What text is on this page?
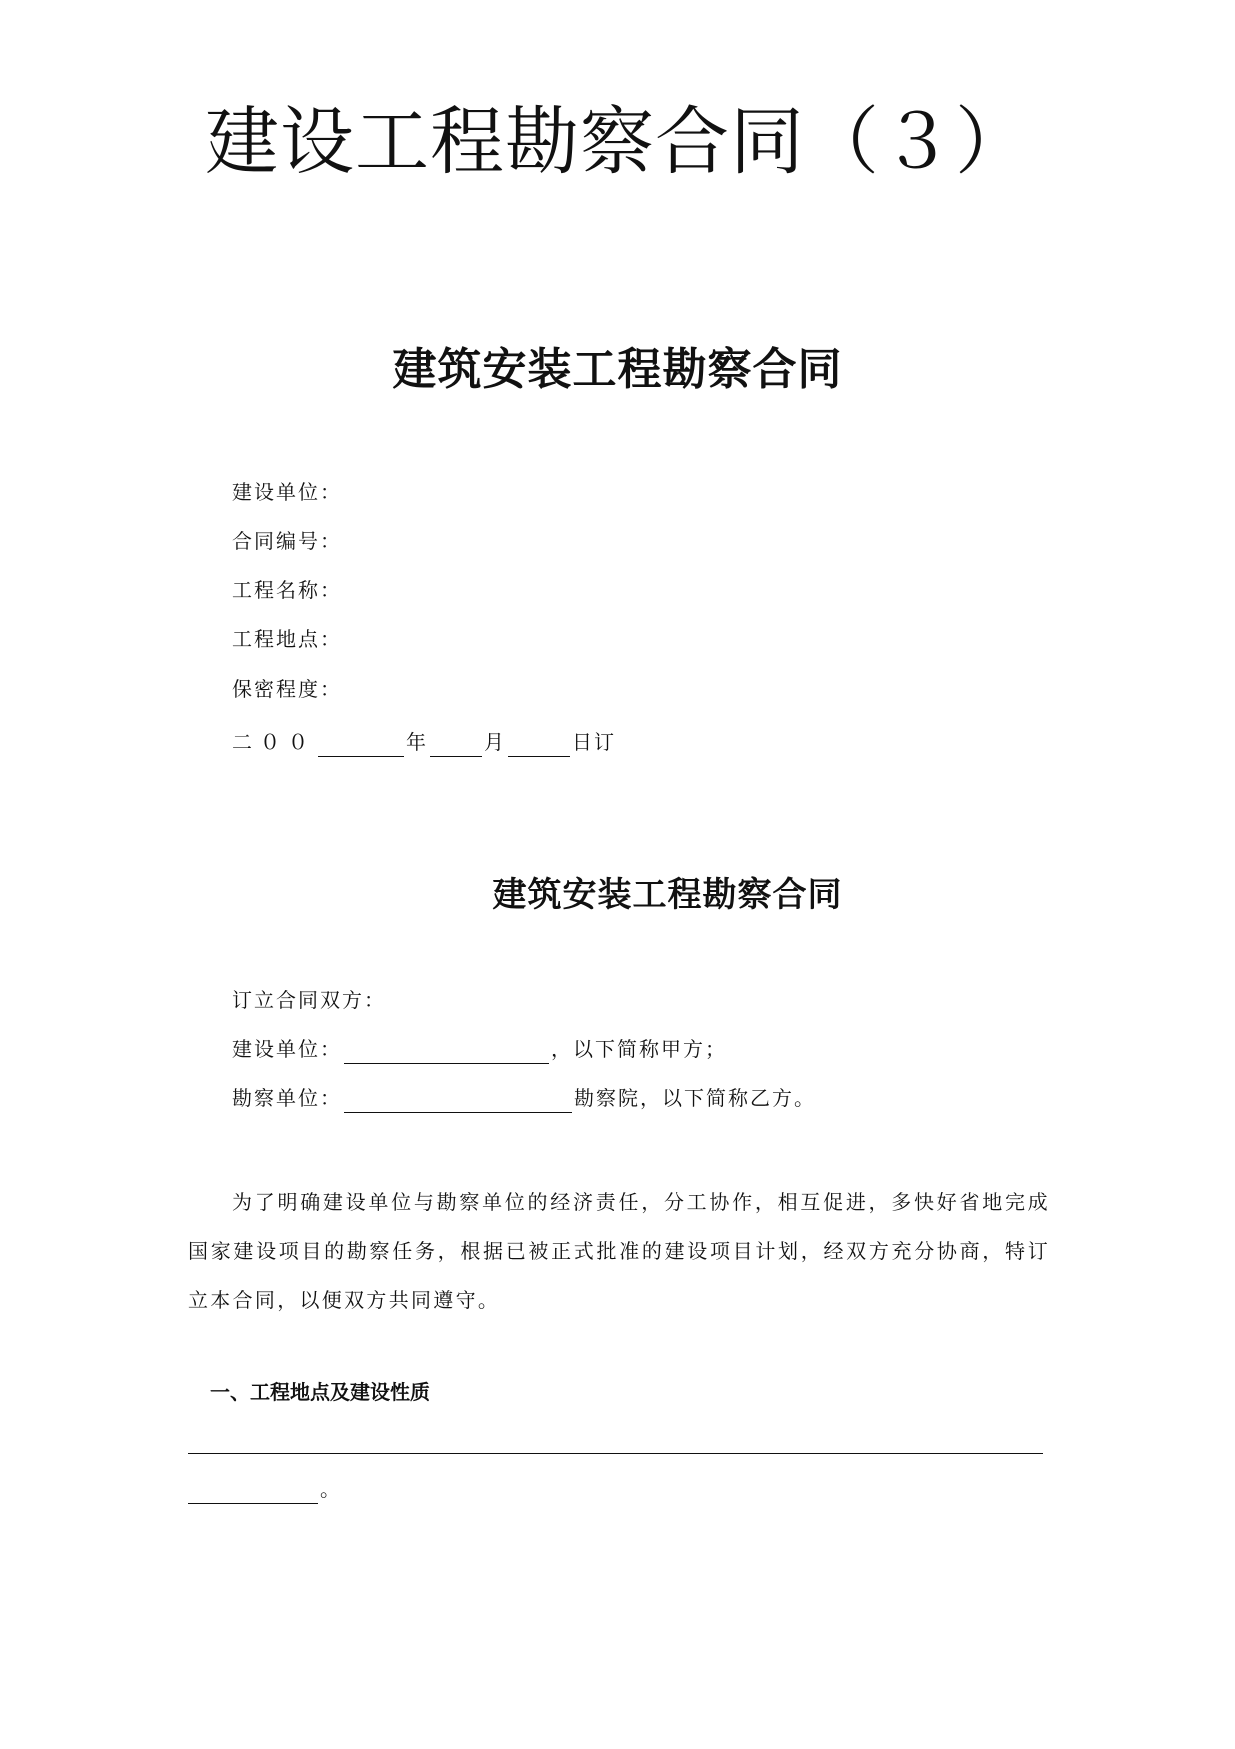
建设工程勘察合同（３）
建筑安装工程勘察合同
建设单位：
合同编号：
工程名称：
工程地点：
保密程度：
二００	年	月	日订
建筑安装工程勘察合同
订立合同双方：
建设单位：	，以下简称甲方；
勘察单位：	勘察院，以下简称乙方。
为了明确建设单位与勘察单位的经济责任，分工协作，相互促进，多快好省地完成国家建设项目的勘察任务，根据已被正式批准的建设项目计划，经双方充分协商，特订立本合同，以便双方共同遵守。
一、工程地点及建设性质
。
